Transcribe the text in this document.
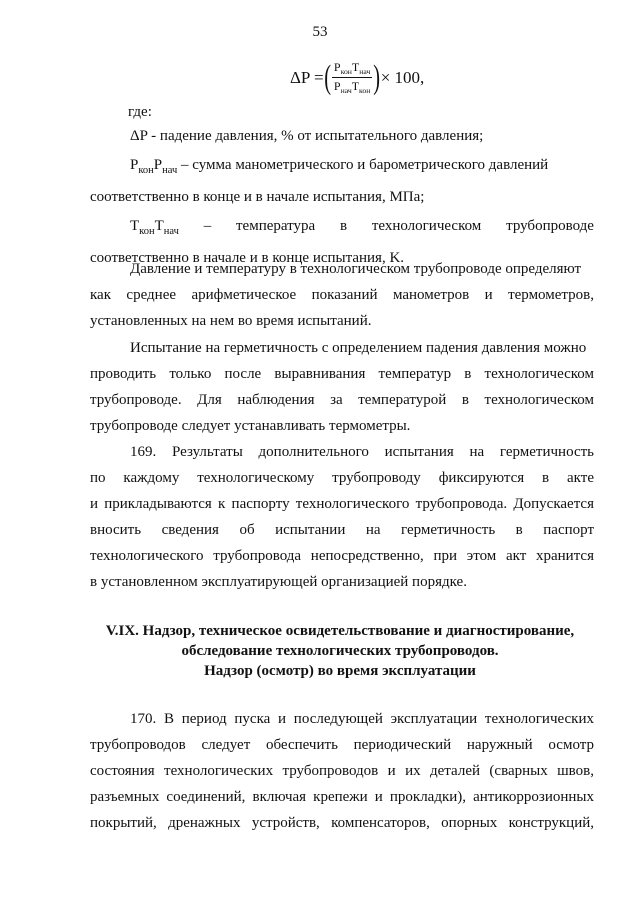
53
ΔP = ( $\frac{P_{кон}T_{нач}}{P_{нач}T_{кон}}$ ) × 100,
где:

ΔP - падение давления, % от испытательного давления;

$P_{кон}P_{нач}$ – сумма манометрического и барометрического давлений

соответственно в конце и в начале испытания, МПа;

$T_{кон}T_{нач}$ – температура в технологическом трубопроводе

соответственно в начале и в конце испытания, K.

Давление и температуру в технологическом трубопроводе определяют
как среднее арифметическое показаний манометров и термометров,
установленных на нем во время испытаний.
Испытание на герметичность с определением падения давления можно
проводить только после выравнивания температур в технологическом
трубопроводе. Для наблюдения за температурой в технологическом
трубопроводе следует устанавливать термометры.
169. Результаты дополнительного испытания на герметичность
по каждому технологическому трубопроводу фиксируются в акте
и прикладываются к паспорту технологического трубопровода. Допускается
вносить сведения об испытании на герметичность в паспорт
технологического трубопровода непосредственно, при этом акт хранится
в установленном эксплуатирующей организацией порядке.
V.IX. Надзор, техническое освидетельствование и диагностирование,
обследование технологических трубопроводов.
Надзор (осмотр) во время эксплуатации
170. В период пуска и последующей эксплуатации технологических
трубопроводов следует обеспечить периодический наружный осмотр
состояния технологических трубопроводов и их деталей (сварных швов,
разъемных соединений, включая крепежи и прокладки), антикоррозионных
покрытий, дренажных устройств, компенсаторов, опорных конструкций,
